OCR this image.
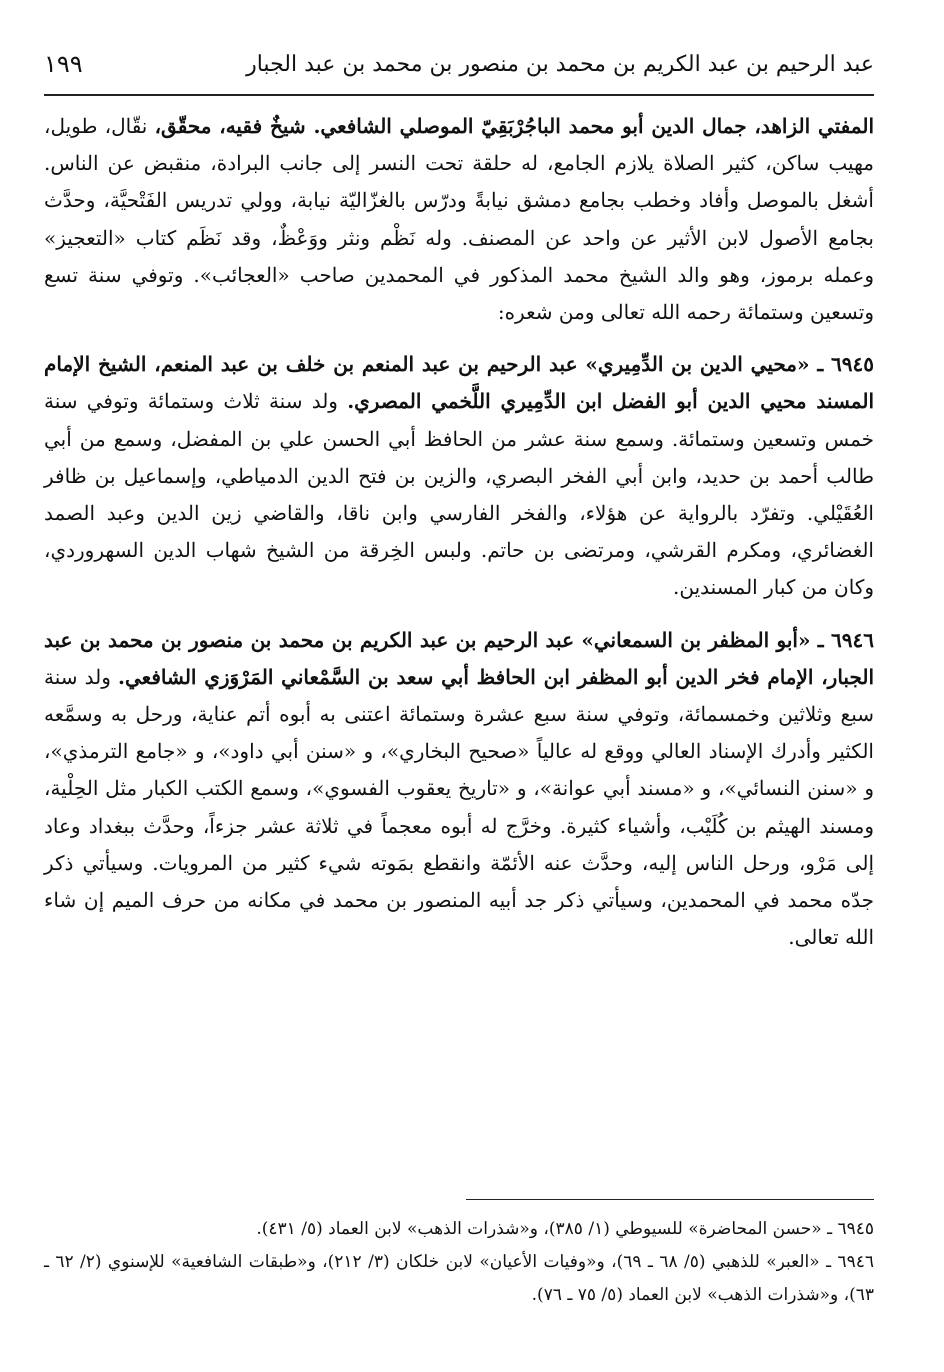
عبد الرحيم بن عبد الكريم بن محمد بن منصور بن محمد بن عبد الجبار
١٩٩

المفتي الزاهد، جمال الدين أبو محمد الباجُرْبَقِيّ الموصلي الشافعي. شيخٌ فقيه، محقّق، نقّال، طويل، مهيب ساكن، كثير الصلاة يلازم الجامع، له حلقة تحت النسر إلى جانب البرادة، منقبض عن الناس. أشغل بالموصل وأفاد وخطب بجامع دمشق نيابةً ودرّس بالغزّاليّة نيابة، وولي تدريس الفَتْحيَّة، وحدَّث بجامع الأصول لابن الأثير عن واحد عن المصنف. وله نَظْم ونثر ووَعْظٌ، وقد نَظَم كتاب «التعجيز» وعمله برموز، وهو والد الشيخ محمد المذكور في المحمدين صاحب «العجائب». وتوفي سنة تسع وتسعين وستمائة رحمه الله تعالى ومن شعره:

٦٩٤٥ ـ «محيي الدين بن الدِّمِيري» عبد الرحيم بن عبد المنعم بن خلف بن عبد المنعم، الشيخ الإمام المسند محيي الدين أبو الفضل ابن الدِّمِيري اللَّخمي المصري. ولد سنة ثلاث وستمائة وتوفي سنة خمس وتسعين وستمائة. وسمع سنة عشر من الحافظ أبي الحسن علي بن المفضل، وسمع من أبي طالب أحمد بن حديد، وابن أبي الفخر البصري، والزين بن فتح الدين الدمياطي، وإسماعيل بن ظافر العُقَيْلي. وتفرّد بالرواية عن هؤلاء، والفخر الفارسي وابن ناقا، والقاضي زين الدين وعبد الصمد الغضائري، ومكرم القرشي، ومرتضى بن حاتم. ولبس الخِرقة من الشيخ شهاب الدين السهروردي، وكان من كبار المسندين.

٦٩٤٦ ـ «أبو المظفر بن السمعاني» عبد الرحيم بن عبد الكريم بن محمد بن منصور بن محمد بن عبد الجبار، الإمام فخر الدين أبو المظفر ابن الحافظ أبي سعد بن السَّمْعاني المَرْوَزي الشافعي. ولد سنة سبع وثلاثين وخمسمائة، وتوفي سنة سبع عشرة وستمائة اعتنى به أبوه أتم عناية، ورحل به وسمَّعه الكثير وأدرك الإسناد العالي ووقع له عالياً «صحيح البخاري»، و «سنن أبي داود»، و «جامع الترمذي»، و «سنن النسائي»، و «مسند أبي عوانة»، و «تاريخ يعقوب الفسوي»، وسمع الكتب الكبار مثل الحِلْية، ومسند الهيثم بن كُلَيْب، وأشياء كثيرة. وخرَّج له أبوه معجماً في ثلاثة عشر جزءاً، وحدَّث ببغداد وعاد إلى مَرْو، ورحل الناس إليه، وحدَّث عنه الأئمّة وانقطع بمَوته شيء كثير من المرويات. وسيأتي ذكر جدّه محمد في المحمدين، وسيأتي ذكر جد أبيه المنصور بن محمد في مكانه من حرف الميم إن شاء الله تعالى.

٦٩٤٥ ـ «حسن المحاضرة» للسيوطي (١/ ٣٨٥)، و«شذرات الذهب» لابن العماد (٥/ ٤٣١).

٦٩٤٦ ـ «العبر» للذهبي (٥/ ٦٨ ـ ٦٩)، و«وفيات الأعيان» لابن خلكان (٣/ ٢١٢)، و«طبقات الشافعية» للإسنوي (٢/ ٦٢ ـ ٦٣)، و«شذرات الذهب» لابن العماد (٥/ ٧٥ ـ ٧٦).
